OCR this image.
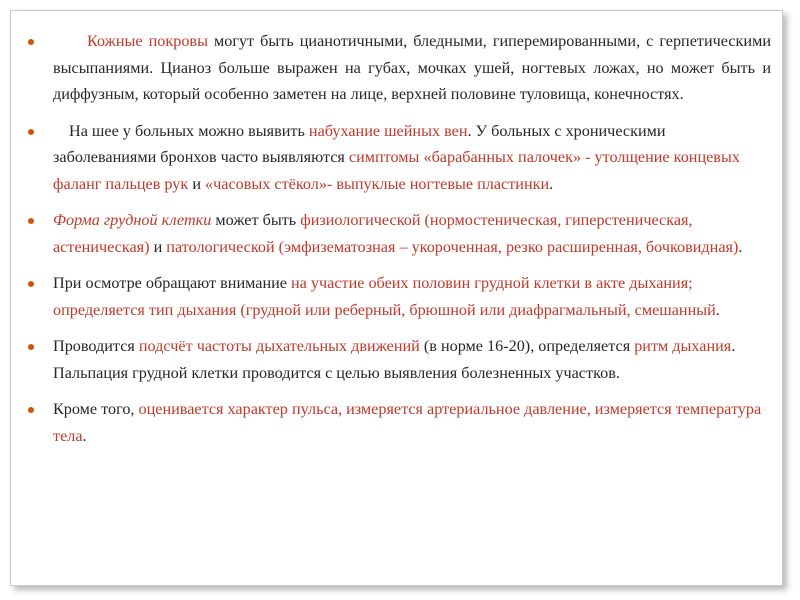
Кожные покровы могут быть цианотичными, бледными, гиперемированными, с герпетическими высыпаниями. Цианоз больше выражен на губах, мочках ушей, ногтевых ложах, но может быть и диффузным, который особенно заметен на лице, верхней половине туловища, конечностях.
На шее у больных можно выявить набухание шейных вен. У больных с хроническими заболеваниями бронхов часто выявляются симптомы «барабанных палочек» - утолщение концевых фаланг пальцев рук и «часовых стёкол»- выпуклые ногтевые пластинки.
Форма грудной клетки может быть физиологической (нормостеническая, гиперстеническая, астеническая) и патологической (эмфизематозная – укороченная, резко расширенная, бочковидная).
При осмотре обращают внимание на участие обеих половин грудной клетки в акте дыхания; определяется тип дыхания (грудной или реберный, брюшной или диафрагмальный, смешанный.
Проводится подсчёт частоты дыхательных движений (в норме 16-20), определяется ритм дыхания. Пальпация грудной клетки проводится с целью выявления болезненных участков.
Кроме того, оценивается характер пульса, измеряется артериальное давление, измеряется температура тела.
